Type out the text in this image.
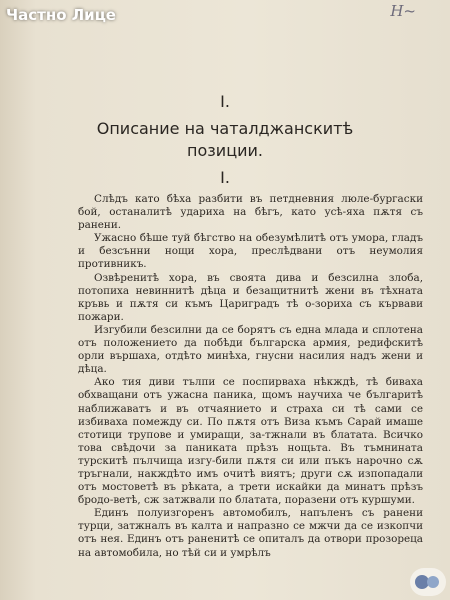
Частно Лице	H~
I.
Описание на чаталджанскитѣ
позиции.
I.

Слѣдъ като бѣха разбити въ петдневния люле-бургаски бой, останалитѣ удариха на бѣгъ, като усѣ-яха пѫтя съ ранени.

Ужасно бѣше туй бѣгство на обезумѣлитѣ отъ умора, гладъ и безсънни нощи хора, преслѣдвани отъ неумолия противникъ.

Озвѣренитѣ хора, въ своята дива и безсилна злоба, потопиха невиннитѣ дѣца и безащитнитѣ жени въ тѣхната кръвь и пѫтя си къмъ Цариградъ тѣ о-зориха съ кървави пожари.

Изгубили безсилни да се борятъ съ една млада и сплотена отъ положението да побѣди българска армия, редифскитѣ орли вършаха, отдѣто минѣха, гнусни насилия надъ жени и дѣца.

Ако тия диви тълпи се поспирваха нѣкждѣ, тѣ биваха обхващани отъ ужасна паника, щомъ научиха че българитѣ наближаватъ и въ отчаянието и страха си тѣ сами се избиваха помежду си. По пѫтя отъ Виза къмъ Сарай имаше стотици трупове и умиращи, за-тжнали въ блатата. Всичко това свѣдочи за паниката прѣзъ нощьта. Въ тъмнината турскитѣ пълчища изгу-били пѫтя си или пъкъ нарочно сѫ тръгнали, накждѣто имъ очитѣ виятъ; други сѫ изпопадали отъ мостоветѣ въ рѣката, а трети искайки да минатъ прѣзъ бродо-ветѣ, сж затжвали по блатата, поразени отъ куршуми.

Единъ полуизгоренъ автомобилъ, напъленъ съ ранени турци, затжналъ въ калта и напразно се мжчи да се изкопчи отъ нея. Единъ отъ раненитѣ се опиталъ да отвори прозореца на автомобила, но тѣй си и умрѣлъ
